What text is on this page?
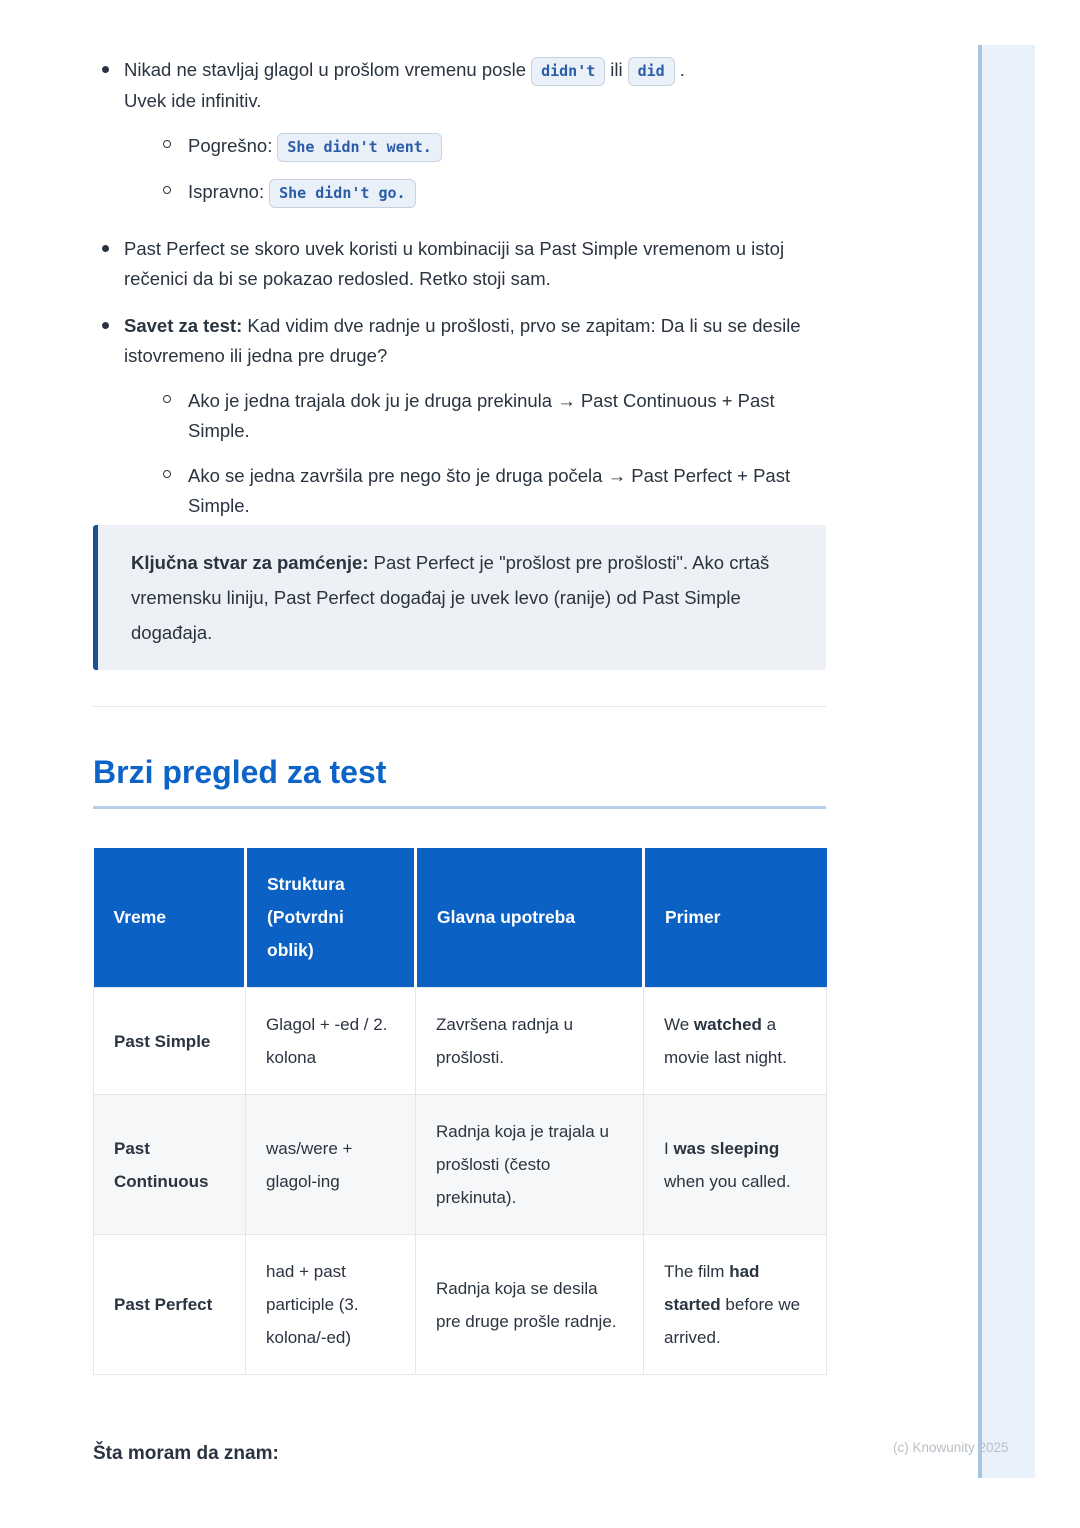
Nikad ne stavljaj glagol u prošlom vremenu posle didn't ili did .
Uvek ide infinitiv.
Pogrešno: She didn't went.
Ispravno: She didn't go.
Past Perfect se skoro uvek koristi u kombinaciji sa Past Simple vremenom u istoj rečenici da bi se pokazao redosled. Retko stoji sam.
Savet za test: Kad vidim dve radnje u prošlosti, prvo se zapitam: Da li su se desile istovremeno ili jedna pre druge?
Ako je jedna trajala dok ju je druga prekinula → Past Continuous + Past Simple.
Ako se jedna završila pre nego što je druga počela → Past Perfect + Past Simple.
Ključna stvar za pamćenje: Past Perfect je "prošlost pre prošlosti". Ako crtaš vremensku liniju, Past Perfect događaj je uvek levo (ranije) od Past Simple događaja.
Brzi pregled za test
Vreme	Struktura (Potvrdni oblik)	Glavna upotreba	Primer
Past Simple	Glagol + -ed / 2. kolona	Završena radnja u prošlosti.	We watched a movie last night.
Past Continuous	was/were + glagol-ing	Radnja koja je trajala u prošlosti (često prekinuta).	I was sleeping when you called.
Past Perfect	had + past participle (3. kolona/-ed)	Radnja koja se desila pre druge prošle radnje.	The film had started before we arrived.
Šta moram da znam:	(c) Knowunity 2025
